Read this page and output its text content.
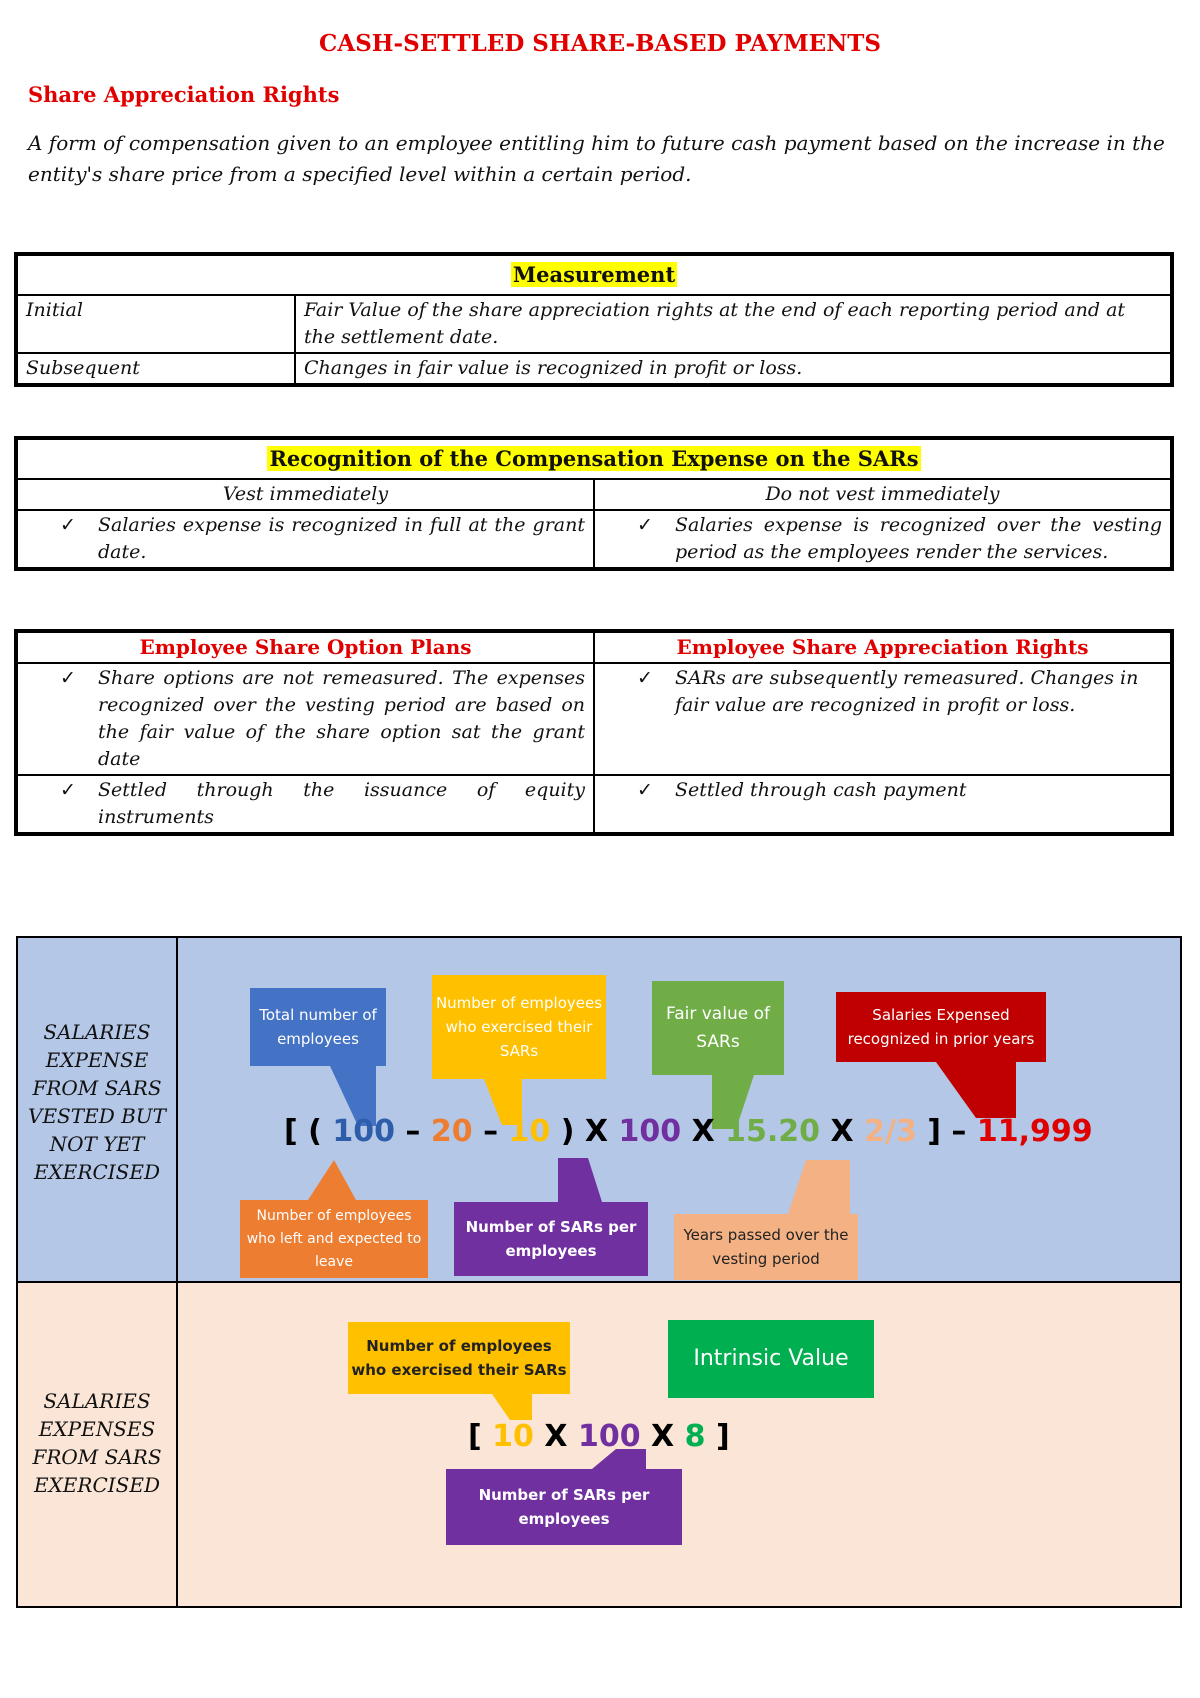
CASH-SETTLED SHARE-BASED PAYMENTS
Share Appreciation Rights
A form of compensation given to an employee entitling him to future cash payment based on the increase in the entity's share price from a specified level within a certain period.
Measurement	
Initial	Fair Value of the share appreciation rights at the end of each reporting period and at the settlement date.
Subsequent	Changes in fair value is recognized in profit or loss.
Recognition of the Compensation Expense on the SARs	
Vest immediately	Do not vest immediately

✓ Salaries expense is recognized in full at the grant date.	✓ Salaries expense is recognized over the vesting period as the employees render the services.
Employee Share Option Plans	Employee Share Appreciation Rights

✓ Share options are not remeasured. The expenses recognized over the vesting period are based on the fair value of the share option sat the grant date	✓ SARs are subsequently remeasured. Changes in fair value are recognized in profit or loss.

✓ Settled through the issuance of equity instruments	✓ Settled through cash payment
SALARIES EXPENSE FROM SARS VESTED BUT NOT YET EXERCISED
Total number of employees
Number of employees who exercised their SARs
Fair value of SARs
Salaries Expensed recognized in prior years
[ ( 100 – 20 – 10 ) X 100 X 15.20 X 2/3 ] – 11,999
Number of employees who left and expected to leave
Number of SARs per employees
Years passed over the vesting period
SALARIES EXPENSES FROM SARS EXERCISED
Number of employees who exercised their SARs	Intrinsic Value
[ 10 X 100 X 8 ]
Number of SARs per employees
